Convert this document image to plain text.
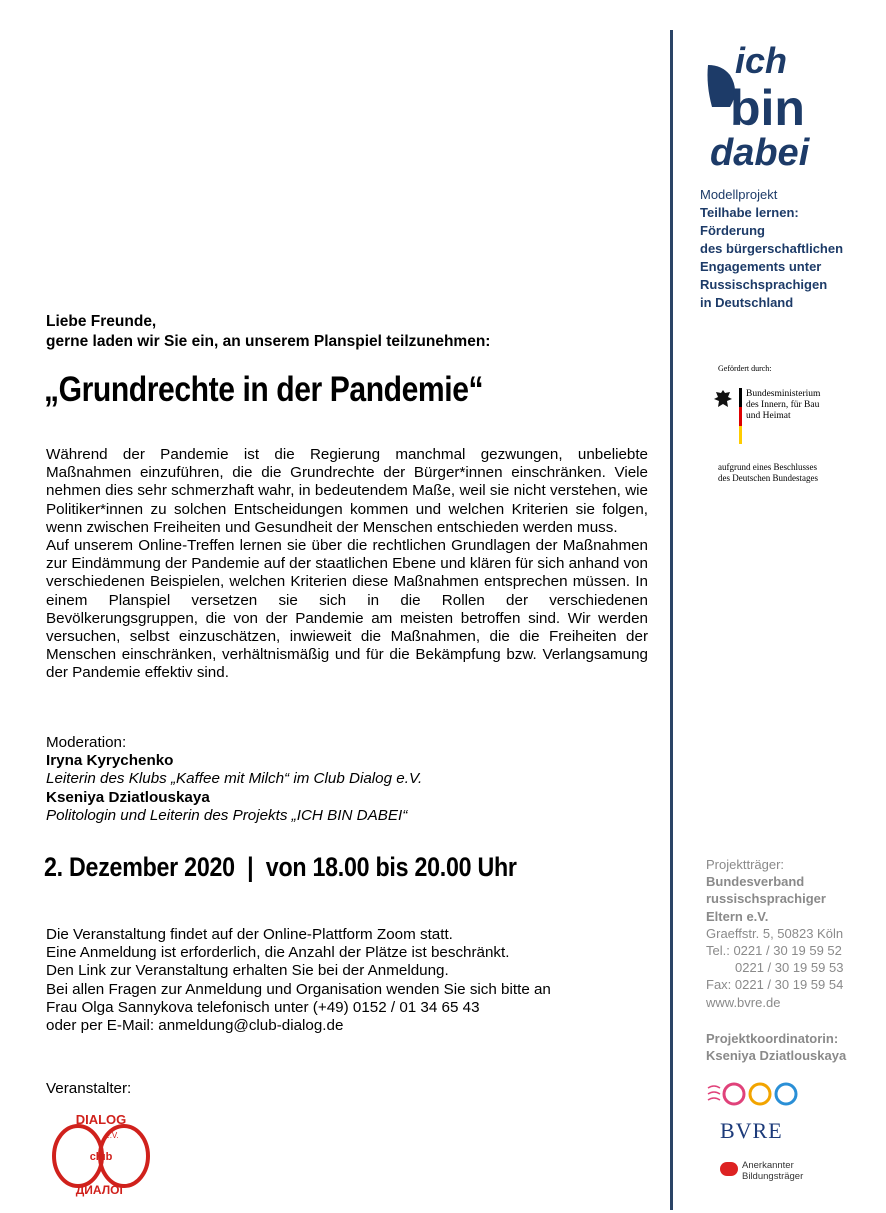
Liebe Freunde,
gerne laden wir Sie ein, an unserem Planspiel teilzunehmen:
„Grundrechte in der Pandemie“

Während der Pandemie ist die Regierung manchmal gezwungen, unbeliebte Maßnahmen einzuführen, die die Grundrechte der Bürger*innen einschränken. Viele nehmen dies sehr schmerzhaft wahr, in bedeutendem Maße, weil sie nicht verstehen, wie Politiker*innen zu solchen Entscheidungen kommen und welchen Kriterien sie folgen, wenn zwischen Freiheiten und Gesundheit der Menschen entschieden werden muss.

Auf unserem Online-Treffen lernen sie über die rechtlichen Grundlagen der Maßnahmen zur Eindämmung der Pandemie auf der staatlichen Ebene und klären für sich anhand von verschiedenen Beispielen, welchen Kriterien diese Maßnahmen entsprechen müssen. In einem Planspiel versetzen sie sich in die Rollen der verschiedenen Bevölkerungsgruppen, die von der Pandemie am meisten betroffen sind. Wir werden versuchen, selbst einzuschätzen, inwieweit die Maßnahmen, die die Freiheiten der Menschen einschränken, verhältnismäßig und für die Bekämpfung bzw. Verlangsamung der Pandemie effektiv sind.

Moderation:
Iryna Kyrychenko
Leiterin des Klubs „Kaffee mit Milch“ im Club Dialog e.V.
Kseniya Dziatlouskaya
Politologin und Leiterin des Projekts „ICH BIN DABEI“
2. Dezember 2020  |  von 18.00 bis 20.00 Uhr
Die Veranstaltung findet auf der Online-Plattform Zoom statt.
Eine Anmeldung ist erforderlich, die Anzahl der Plätze ist beschränkt.
Den Link zur Veranstaltung erhalten Sie bei der Anmeldung.
Bei allen Fragen zur Anmeldung und Organisation wenden Sie sich bitte an
Frau Olga Sannykova telefonisch unter (+49) 0152 / 01 34 65 43
oder per E-Mail: anmeldung@club-dialog.de
Veranstalter:
DIALOG
e.V.
club
ДИАЛОГ
ich
bin
dabei
Modellprojekt
Teilhabe lernen:
Förderung
des bürgerschaftlichen
Engagements unter
Russischsprachigen
in Deutschland
Gefördert durch:
Bundesministerium
des Innern, für Bau
und Heimat
aufgrund eines Beschlusses
des Deutschen Bundestages
Projektträger:
Bundesverband
russischsprachiger
Eltern e.V.
Graeffstr. 5, 50823 Köln
Tel.: 0221 / 30 19 59 52
0221 / 30 19 59 53
Fax: 0221 / 30 19 59 54
www.bvre.de
Projektkoordinatorin:
Kseniya Dziatlouskaya
BVRE
Anerkannter
Bildungsträger
